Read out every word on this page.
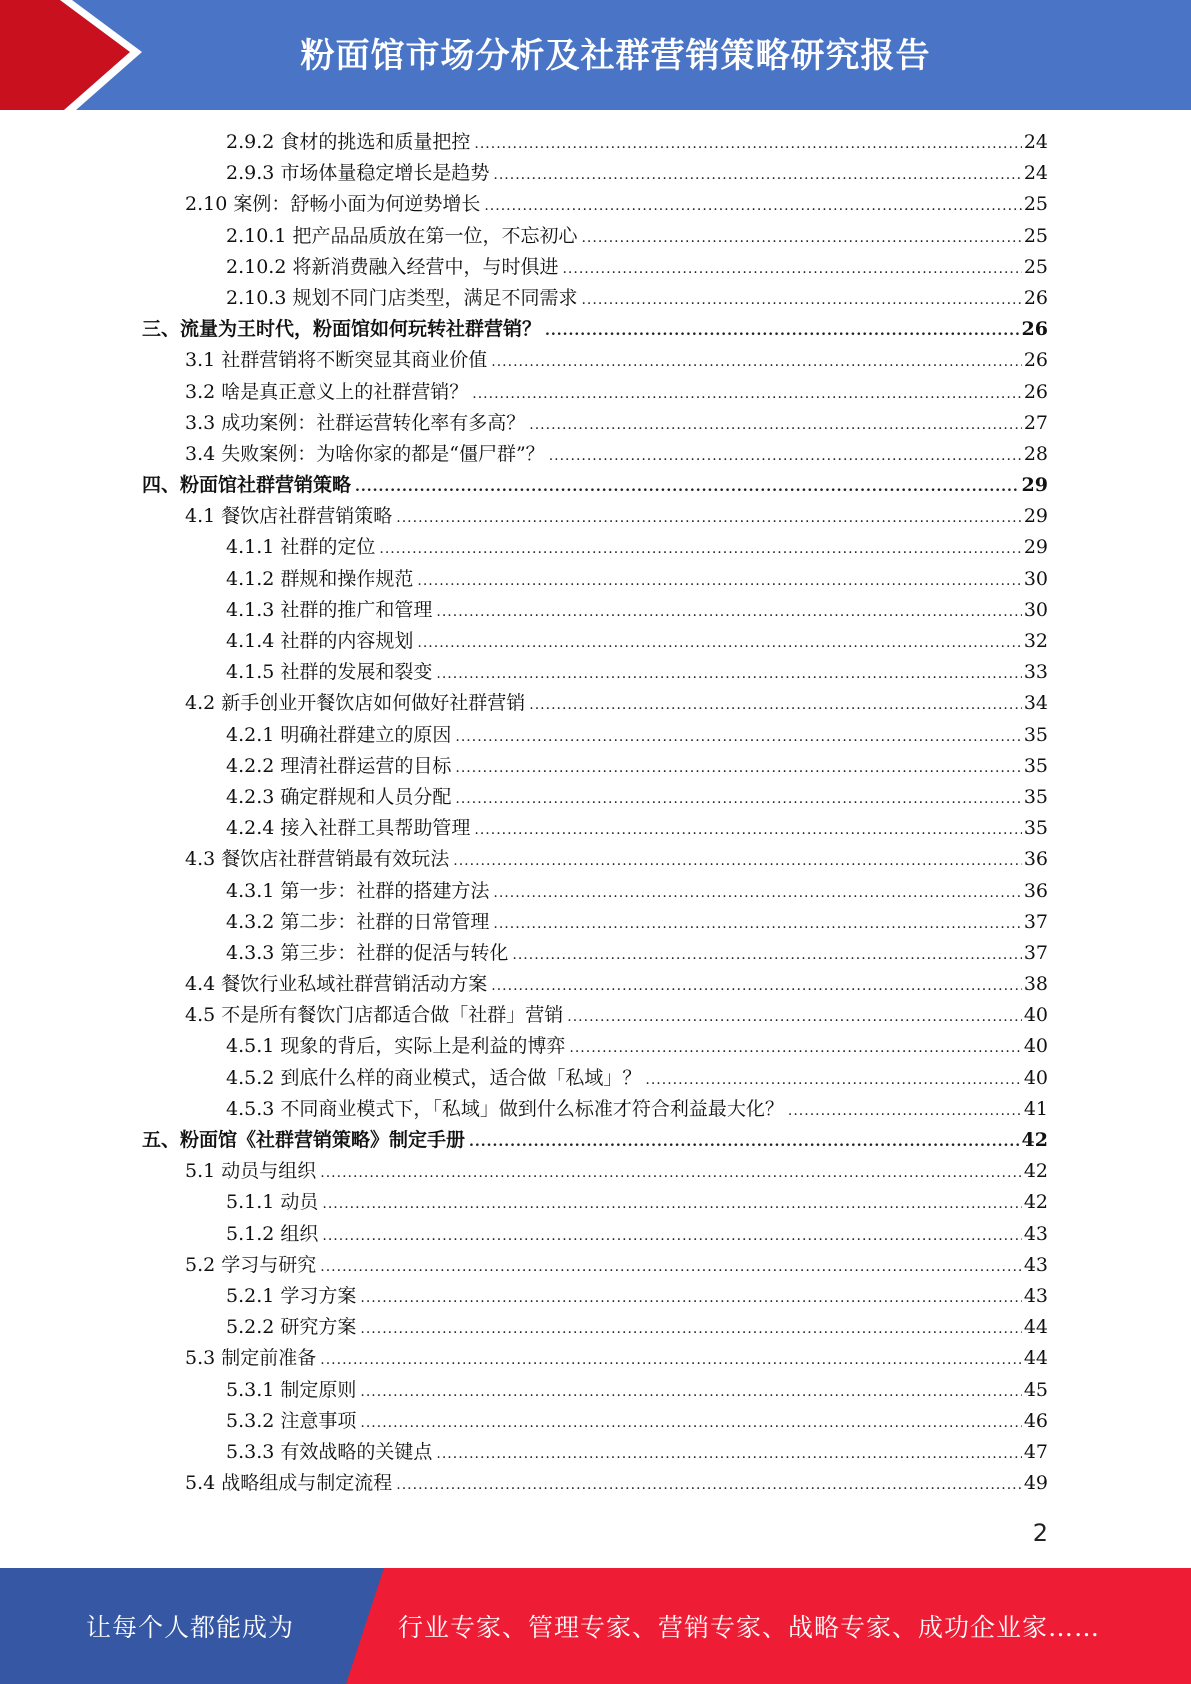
粉面馆市场分析及社群营销策略研究报告
2.9.2 食材的挑选和质量把控 .....	24
2.9.3 市场体量稳定增长是趋势 .....	24
2.10 案例：舒畅小面为何逆势增长 .....	25
2.10.1 把产品品质放在第一位，不忘初心 .....	25
2.10.2 将新消费融入经营中，与时俱进 .....	25
2.10.3 规划不同门店类型，满足不同需求 .....	26
三、流量为王时代，粉面馆如何玩转社群营销？ .....	26
3.1 社群营销将不断突显其商业价值 .....	26
3.2 啥是真正意义上的社群营销？ .....	26
3.3 成功案例：社群运营转化率有多高？ .....	27
3.4 失败案例：为啥你家的都是“僵尸群”？ .....	28
四、粉面馆社群营销策略 .....	29
4.1 餐饮店社群营销策略 .....	29
4.1.1 社群的定位 .....	29
4.1.2 群规和操作规范 .....	30
4.1.3 社群的推广和管理 .....	30
4.1.4 社群的内容规划 .....	32
4.1.5 社群的发展和裂变 .....	33
4.2 新手创业开餐饮店如何做好社群营销 .....	34
4.2.1 明确社群建立的原因 .....	35
4.2.2 理清社群运营的目标 .....	35
4.2.3 确定群规和人员分配 .....	35
4.2.4 接入社群工具帮助管理 .....	35
4.3 餐饮店社群营销最有效玩法 .....	36
4.3.1 第一步：社群的搭建方法 .....	36
4.3.2 第二步：社群的日常管理 .....	37
4.3.3 第三步：社群的促活与转化 .....	37
4.4 餐饮行业私域社群营销活动方案 .....	38
4.5 不是所有餐饮门店都适合做「社群」营销 .....	40
4.5.1 现象的背后，实际上是利益的博弈 .....	40
4.5.2 到底什么样的商业模式，适合做「私域」？ .....	40
4.5.3 不同商业模式下，「私域」做到什么标准才符合利益最大化？ .....	41
五、粉面馆《社群营销策略》制定手册 .....	42
5.1 动员与组织 .....	42
5.1.1 动员 .....	42
5.1.2 组织 .....	43
5.2 学习与研究 .....	43
5.2.1 学习方案 .....	43
5.2.2 研究方案 .....	44
5.3 制定前准备 .....	44
5.3.1 制定原则 .....	45
5.3.2 注意事项 .....	46
5.3.3 有效战略的关键点 .....	47
5.4 战略组成与制定流程 .....	49
2
让每个人都能成为	行业专家、管理专家、营销专家、战略专家、成功企业家……
